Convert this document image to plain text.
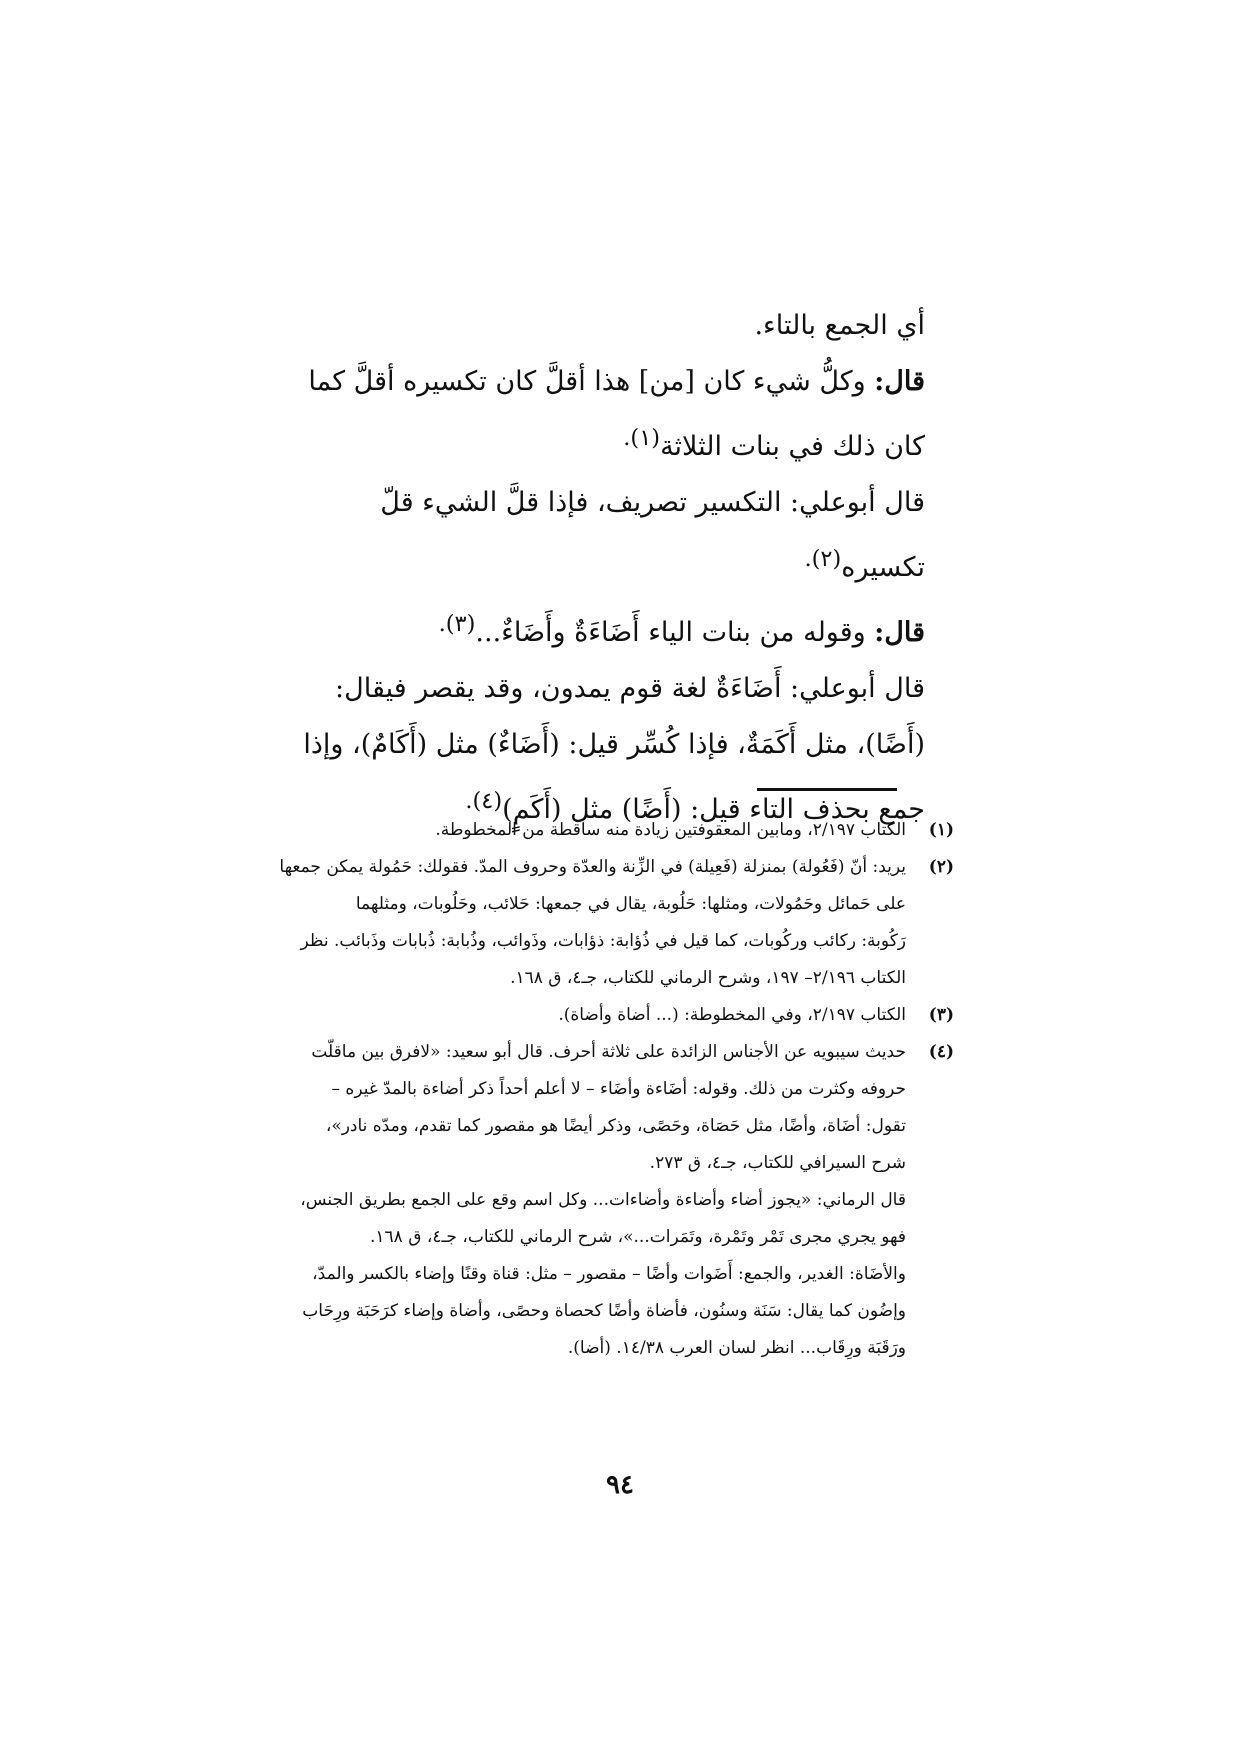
أي الجمع بالتاء.

قال: وكلُّ شيء كان [من] هذا أقلَّ كان تكسيره أقلَّ كما كان ذلك في بنات الثلاثة$^{(١).}$

قال أبوعلي: التكسير تصريف، فإذا قلَّ الشيء قلّ تكسيره$^{(٢).}$

قال: وقوله من بنات الياء أَضَاءَةٌ وأَضَاءٌ...$^{(٣).}$

قال أبوعلي: أَضَاءَةٌ لغة قوم يمدون، وقد يقصر فيقال: (أَضًا)، مثل أَكَمَةٌ، فإذا كُسِّر قيل: (أَضَاءٌ) مثل (أَكَامٌ)، وإذا جمع بحذف التاء قيل: (أَضًا) مثل (أَكَمٍ)$^{(٤).}$

(١)
الكتاب ٢/١٩٧، ومابين المعقوفتين زيادة منه ساقطة من المخطوطة.
(٢)
يريد: أنّ (فَعُولة) بمنزلة (فَعِيلة) في الزِّنة والعدّة وحروف المدّ. فقولك: حَمُولة يمكن جمعها
على حَمائل وحَمُولات، ومثلها: حَلُوبة، يقال في جمعها: حَلائب، وحَلُوبات، ومثلهما
رَكُوبة: ركائب وركُوبات، كما قيل في ذُؤابة: ذؤابات، وذَوائب، وذُبابة: ذُبابات وذَبائب. نظر
الكتاب ٢/١٩٦– ١٩٧، وشرح الرماني للكتاب، جـ٤، ق ١٦٨.
(٣)
الكتاب ٢/١٩٧، وفي المخطوطة: (... أضاة وأضاة).
(٤)
حديث سيبويه عن الأجناس الزائدة على ثلاثة أحرف. قال أبو سعيد: «لافرق بين ماقلّت
حروفه وكثرت من ذلك. وقوله: أضَاءة وأضَاء – لا أعلم أحداً ذكر أضاءة بالمدّ غيره –
تقول: أضَاة، وأضًا، مثل حَصَاة، وحَصًى، وذكر أيضًا هو مقصور كما تقدم، ومدّه نادر»،
شرح السيرافي للكتاب، جـ٤، ق ٢٧٣.
قال الرماني: «يجوز أضاء وأضاءة وأضاءات... وكل اسم وقع على الجمع بطريق الجنس،
فهو يجري مجرى تَمْر وتَمْرة، وتَمَرات...»، شرح الرماني للكتاب، جـ٤، ق ١٦٨.
والأضَاة: الغدير، والجمع: أَضَوات وأضًا – مقصور – مثل: قناة وقنًا وإضاء بالكسر والمدّ،
وإضُون كما يقال: سَنَة وسنُون، فأضاة وأضًا كحصاة وحصًى، وأضاة وإضاء كرَحَبَة ورِحَاب
ورَقَبَة ورِقَاب... انظر لسان العرب ١٤/٣٨. (أضا).
٩٤
